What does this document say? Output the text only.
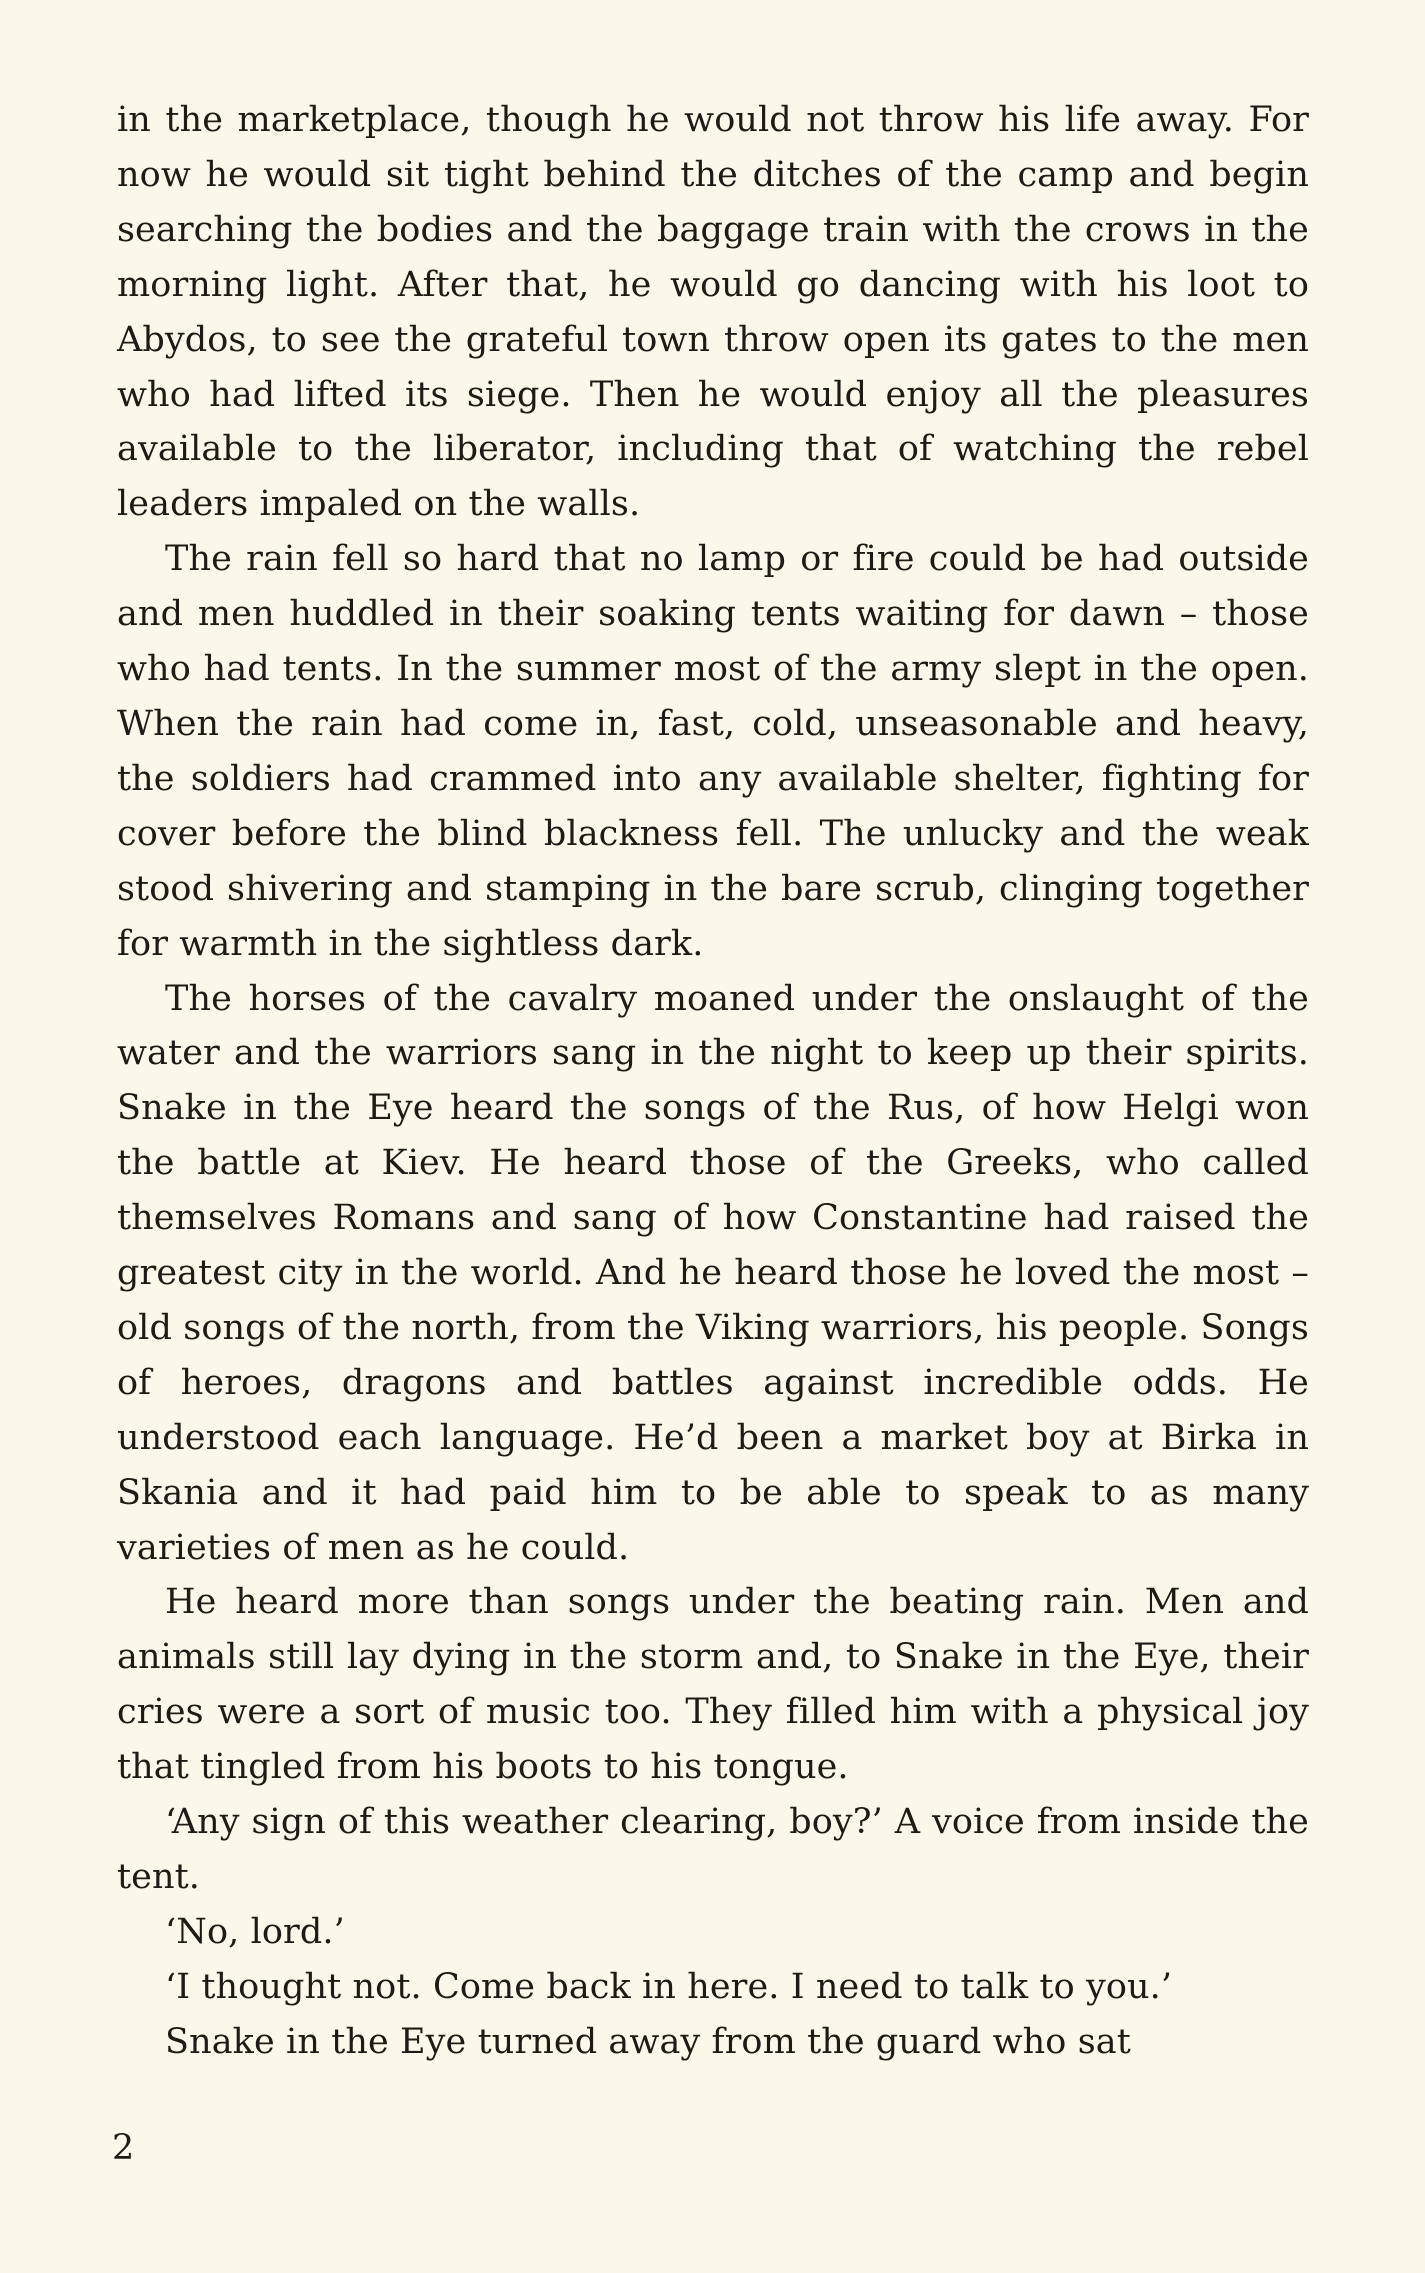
in the marketplace, though he would not throw his life away. For now he would sit tight behind the ditches of the camp and begin searching the bodies and the baggage train with the crows in the morning light. After that, he would go dancing with his loot to Abydos, to see the grateful town throw open its gates to the men who had lifted its siege. Then he would enjoy all the pleasures available to the liberator, including that of watching the rebel leaders impaled on the walls.

The rain fell so hard that no lamp or fire could be had outside and men huddled in their soaking tents waiting for dawn – those who had tents. In the summer most of the army slept in the open. When the rain had come in, fast, cold, unseasonable and heavy, the soldiers had crammed into any available shelter, fighting for cover before the blind blackness fell. The unlucky and the weak stood shivering and stamping in the bare scrub, clinging together for warmth in the sightless dark.

The horses of the cavalry moaned under the onslaught of the water and the warriors sang in the night to keep up their spirits. Snake in the Eye heard the songs of the Rus, of how Helgi won the battle at Kiev. He heard those of the Greeks, who called themselves Romans and sang of how Constantine had raised the greatest city in the world. And he heard those he loved the most – old songs of the north, from the Viking warriors, his people. Songs of heroes, dragons and battles against incredible odds. He understood each language. He’d been a market boy at Birka in Skania and it had paid him to be able to speak to as many varieties of men as he could.

He heard more than songs under the beating rain. Men and animals still lay dying in the storm and, to Snake in the Eye, their cries were a sort of music too. They filled him with a physical joy that tingled from his boots to his tongue.

‘Any sign of this weather clearing, boy?’ A voice from inside the tent.

‘No, lord.’

‘I thought not. Come back in here. I need to talk to you.’

Snake in the Eye turned away from the guard who sat

2
